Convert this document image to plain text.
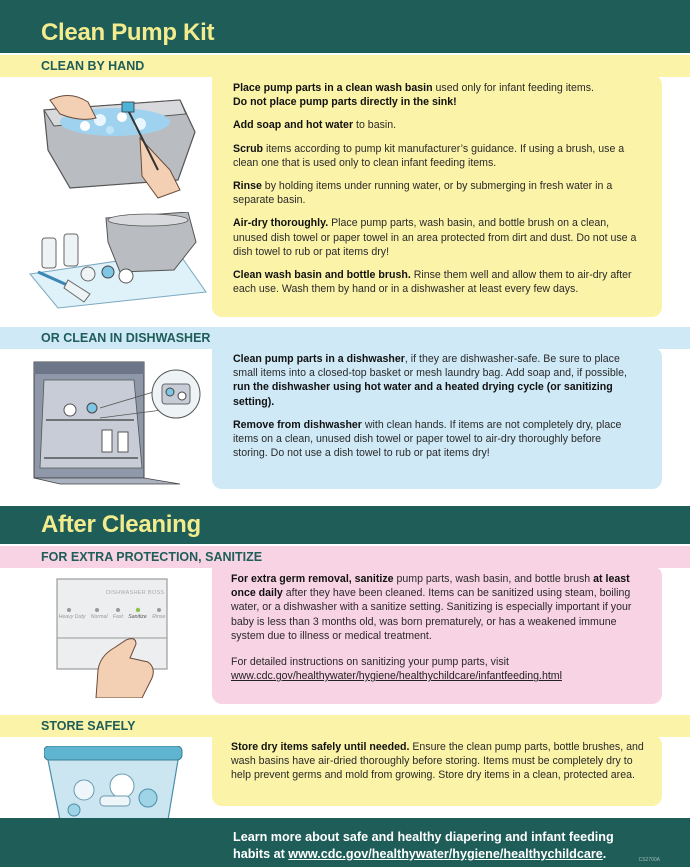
Clean Pump Kit
CLEAN BY HAND

Place pump parts in a clean wash basin used only for infant feeding items.
Do not place pump parts directly in the sink!

Add soap and hot water to basin.

Scrub items according to pump kit manufacturer’s guidance. If using a brush, use a clean one that is used only to clean infant feeding items.

Rinse by holding items under running water, or by submerging in fresh water in a separate basin.

Air-dry thoroughly. Place pump parts, wash basin, and bottle brush on a clean, unused dish towel or paper towel in an area protected from dirt and dust. Do not use a dish towel to rub or pat items dry!

Clean wash basin and bottle brush. Rinse them well and allow them to air-dry after each use. Wash them by hand or in a dishwasher at least every few days.

OR CLEAN IN DISHWASHER

Clean pump parts in a dishwasher, if they are dishwasher-safe. Be sure to place small items into a closed-top basket or mesh laundry bag. Add soap and, if possible, run the dishwasher using hot water and a heated drying cycle (or sanitizing setting).

Remove from dishwasher with clean hands. If items are not completely dry, place items on a clean, unused dish towel or paper towel to air-dry thoroughly before storing. Do not use a dish towel to rub or pat items dry!

After Cleaning
FOR EXTRA PROTECTION, SANITIZE
DISHWASHER BOSS
Heavy Duty Normal Fast Sanitize Rinse

For extra germ removal, sanitize pump parts, wash basin, and bottle brush at least once daily after they have been cleaned. Items can be sanitized using steam, boiling water, or a dishwasher with a sanitize setting. Sanitizing is especially important if your baby is less than 3 months old, was born prematurely, or has a weakened immune system due to illness or medical treatment.

For detailed instructions on sanitizing your pump parts, visit
www.cdc.gov/healthywater/hygiene/healthychildcare/infantfeeding.html

STORE SAFELY

Store dry items safely until needed. Ensure the clean pump parts, bottle brushes, and wash basins have air-dried thoroughly before storing. Items must be completely dry to help prevent germs and mold from growing. Store dry items in a clean, protected area.

Learn more about safe and healthy diapering and infant feeding
habits at www.cdc.gov/healthywater/hygiene/healthychildcare.	CS2700A
